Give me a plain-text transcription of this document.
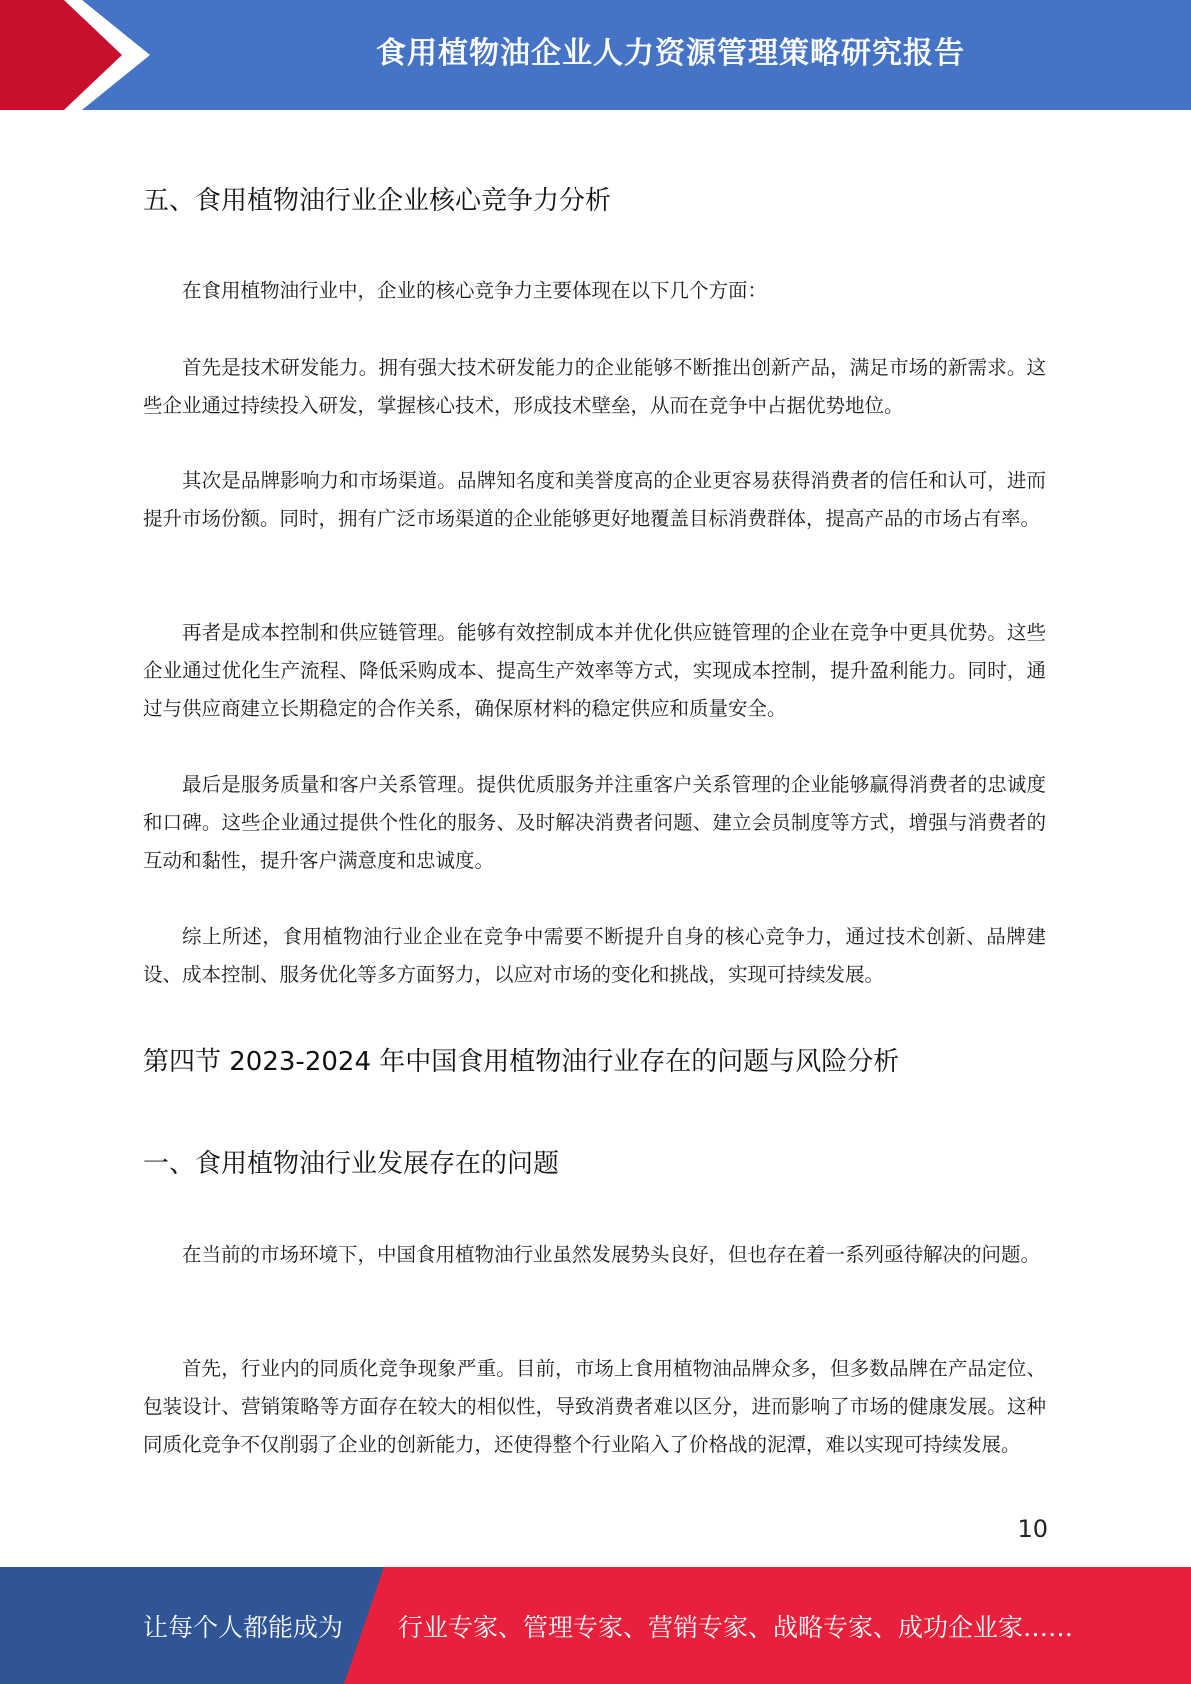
食用植物油企业人力资源管理策略研究报告
五、食用植物油行业企业核心竞争力分析

在食用植物油行业中，企业的核心竞争力主要体现在以下几个方面：

首先是技术研发能力。拥有强大技术研发能力的企业能够不断推出创新产品，满足市场的新需求。这些企业通过持续投入研发，掌握核心技术，形成技术壁垒，从而在竞争中占据优势地位。

其次是品牌影响力和市场渠道。品牌知名度和美誉度高的企业更容易获得消费者的信任和认可，进而提升市场份额。同时，拥有广泛市场渠道的企业能够更好地覆盖目标消费群体，提高产品的市场占有率。

再者是成本控制和供应链管理。能够有效控制成本并优化供应链管理的企业在竞争中更具优势。这些企业通过优化生产流程、降低采购成本、提高生产效率等方式，实现成本控制，提升盈利能力。同时，通过与供应商建立长期稳定的合作关系，确保原材料的稳定供应和质量安全。

最后是服务质量和客户关系管理。提供优质服务并注重客户关系管理的企业能够赢得消费者的忠诚度和口碑。这些企业通过提供个性化的服务、及时解决消费者问题、建立会员制度等方式，增强与消费者的互动和黏性，提升客户满意度和忠诚度。

综上所述，食用植物油行业企业在竞争中需要不断提升自身的核心竞争力，通过技术创新、品牌建设、成本控制、服务优化等多方面努力，以应对市场的变化和挑战，实现可持续发展。

第四节 2023-2024 年中国食用植物油行业存在的问题与风险分析
一、食用植物油行业发展存在的问题

在当前的市场环境下，中国食用植物油行业虽然发展势头良好，但也存在着一系列亟待解决的问题。

首先，行业内的同质化竞争现象严重。目前，市场上食用植物油品牌众多，但多数品牌在产品定位、包装设计、营销策略等方面存在较大的相似性，导致消费者难以区分，进而影响了市场的健康发展。这种同质化竞争不仅削弱了企业的创新能力，还使得整个行业陷入了价格战的泥潭，难以实现可持续发展。

10
让每个人都能成为 行业专家、管理专家、营销专家、战略专家、成功企业家……
